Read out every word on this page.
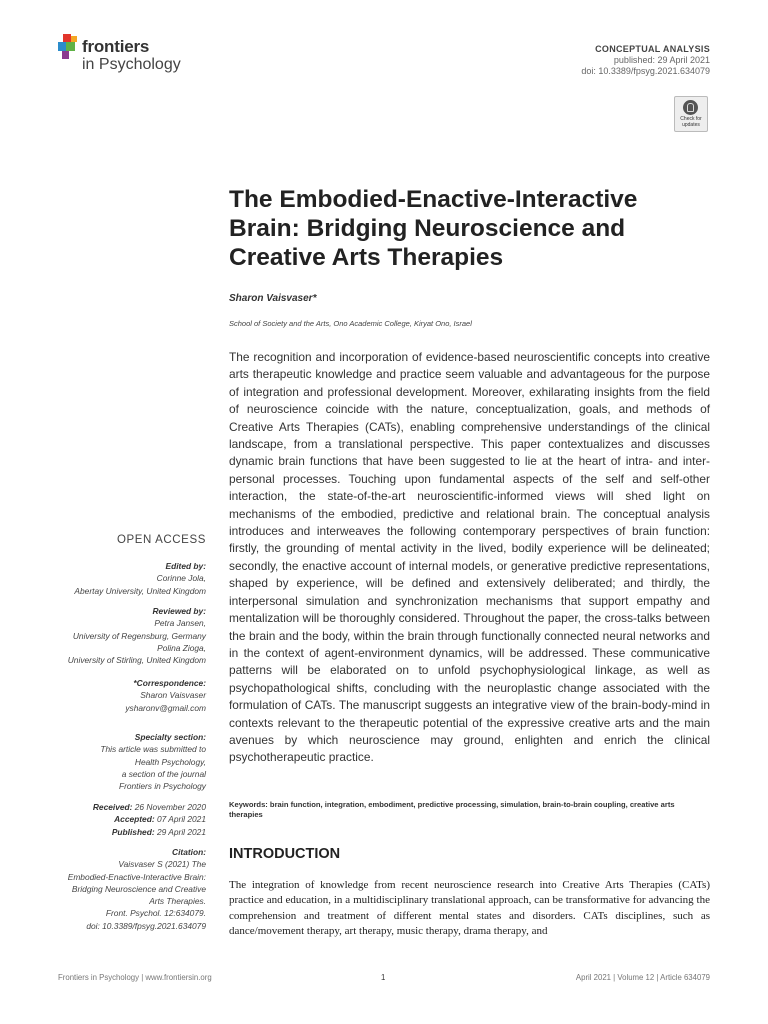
frontiers
in Psychology
CONCEPTUAL ANALYSIS
published: 29 April 2021
doi: 10.3389/fpsyg.2021.634079
Check for
updates
The Embodied-Enactive-Interactive
Brain: Bridging Neuroscience and
Creative Arts Therapies
Sharon Vaisvaser*
School of Society and the Arts, Ono Academic College, Kiryat Ono, Israel
The recognition and incorporation of evidence-based neuroscientific concepts into creative arts therapeutic knowledge and practice seem valuable and advantageous for the purpose of integration and professional development. Moreover, exhilarating insights from the field of neuroscience coincide with the nature, conceptualization, goals, and methods of Creative Arts Therapies (CATs), enabling comprehensive understandings of the clinical landscape, from a translational perspective. This paper contextualizes and discusses dynamic brain functions that have been suggested to lie at the heart of intra- and inter-personal processes. Touching upon fundamental aspects of the self and self-other interaction, the state-of-the-art neuroscientific-informed views will shed light on mechanisms of the embodied, predictive and relational brain. The conceptual analysis introduces and interweaves the following contemporary perspectives of brain function: firstly, the grounding of mental activity in the lived, bodily experience will be delineated; secondly, the enactive account of internal models, or generative predictive representations, shaped by experience, will be defined and extensively deliberated; and thirdly, the interpersonal simulation and synchronization mechanisms that support empathy and mentalization will be thoroughly considered. Throughout the paper, the cross-talks between the brain and the body, within the brain through functionally connected neural networks and in the context of agent-environment dynamics, will be addressed. These communicative patterns will be elaborated on to unfold psychophysiological linkage, as well as psychopathological shifts, concluding with the neuroplastic change associated with the formulation of CATs. The manuscript suggests an integrative view of the brain-body-mind in contexts relevant to the therapeutic potential of the expressive creative arts and the main avenues by which neuroscience may ground, enlighten and enrich the clinical psychotherapeutic practice.
Keywords: brain function, integration, embodiment, predictive processing, simulation, brain-to-brain coupling, creative arts therapies
INTRODUCTION
The integration of knowledge from recent neuroscience research into Creative Arts Therapies (CATs) practice and education, in a multidisciplinary translational approach, can be transformative for advancing the comprehension and treatment of different mental states and disorders. CATs disciplines, such as dance/movement therapy, art therapy, music therapy, drama therapy, and
OPEN ACCESS
Edited by:
Corinne Jola,
Abertay University, United Kingdom
Reviewed by:
Petra Jansen,
University of Regensburg, Germany
Polina Zioga,
University of Stirling, United Kingdom
*Correspondence:
Sharon Vaisvaser
ysharonv@gmail.com
Specialty section:
This article was submitted to
Health Psychology,
a section of the journal
Frontiers in Psychology
Received: 26 November 2020
Accepted: 07 April 2021
Published: 29 April 2021
Citation:
Vaisvaser S (2021) The
Embodied-Enactive-Interactive Brain:
Bridging Neuroscience and Creative
Arts Therapies.
Front. Psychol. 12:634079.
doi: 10.3389/fpsyg.2021.634079
Frontiers in Psychology | www.frontiersin.org	1	April 2021 | Volume 12 | Article 634079
